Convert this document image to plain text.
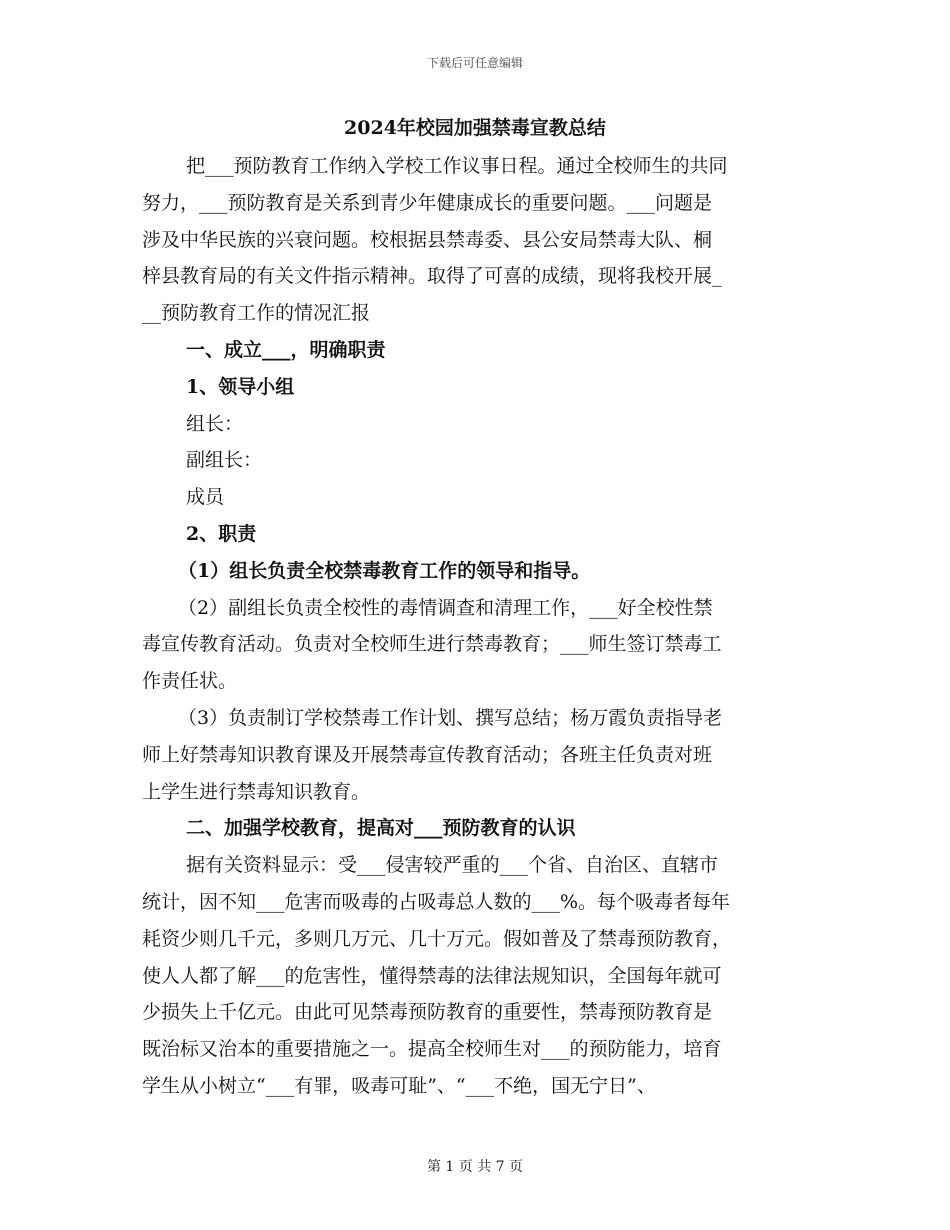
下载后可任意编辑
2024年校园加强禁毒宣教总结
把___预防教育工作纳入学校工作议事日程。通过全校师生的共同
努力，___预防教育是关系到青少年健康成长的重要问题。___问题是
涉及中华民族的兴衰问题。校根据县禁毒委、县公安局禁毒大队、桐
梓县教育局的有关文件指示精神。取得了可喜的成绩，现将我校开展_
__预防教育工作的情况汇报
一、成立___，明确职责
1、领导小组
组长：
副组长：
成员
2、职责
（1）组长负责全校禁毒教育工作的领导和指导。
（2）副组长负责全校性的毒情调查和清理工作，___好全校性禁
毒宣传教育活动。负责对全校师生进行禁毒教育；___师生签订禁毒工
作责任状。
（3）负责制订学校禁毒工作计划、撰写总结；杨万霞负责指导老
师上好禁毒知识教育课及开展禁毒宣传教育活动；各班主任负责对班
上学生进行禁毒知识教育。
二、加强学校教育，提高对___预防教育的认识
据有关资料显示：受___侵害较严重的___个省、自治区、直辖市
统计，因不知___危害而吸毒的占吸毒总人数的___%。每个吸毒者每年
耗资少则几千元，多则几万元、几十万元。假如普及了禁毒预防教育，
使人人都了解___的危害性，懂得禁毒的法律法规知识，全国每年就可
少损失上千亿元。由此可见禁毒预防教育的重要性，禁毒预防教育是
既治标又治本的重要措施之一。提高全校师生对___的预防能力，培育
学生从小树立“___有罪，吸毒可耻”、“___不绝，国无宁日”、
第 1 页 共 7 页
